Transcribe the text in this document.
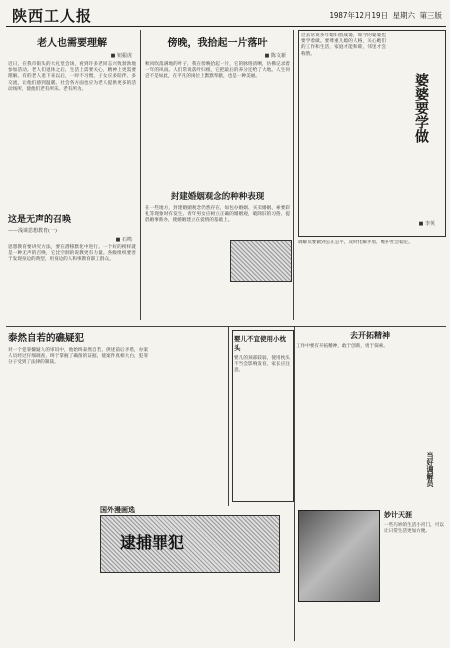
陕西工人报	1987年12月19日 星期六 第三版
老人也需要理解
■ 钮振虎
近日，在我市街头的大礼堂会场，看到许多老同志兴致勃勃地参加活动。老人们退休之后，生活上需要关心，精神上更需要理解。有的老人退下来以后，一时不习惯，子女应多陪伴、多交流，让他们感到温暖。社会各方面也应为老人提供更多的活动场所，使他们老有所乐、老有所为。
傍晚，我拾起一片落叶
■ 陈文新
秋风吹落满地的叶子，我在傍晚拾起一片，它的脉络清晰，仿佛记录着一年的风雨。人们常说落叶归根，它把最后的养分还给了大地。人生何尝不是如此，在平凡的岗位上默默奉献，也是一种美丽。
封建婚姻观念的种种表现
在一些地方，封建婚姻观念仍然存在，如包办婚姻、买卖婚姻、索要彩礼等现象时有发生。青年男女应树立正确的婚姻观，破除旧的习俗，提倡婚事新办，使婚姻建立在爱情的基础上。
这是无声的召唤
——浅谈思想教育(一)
■ 石鸣
思想教育要讲究方法，要在潜移默化中进行。一个好的榜样就是一种无声的召唤，它比空洞的说教更有力量。各级组织要善于发现身边的典型，用身边的人和事教育职工群众。
过去常说多年媳妇熬成婆，如今的婆婆也要学着做。要尊重儿媳的人格，关心她们的工作和生活，家庭才能和睦，邻里才会称赞。
婆婆要学做
■ 李英
调解员要做到公正公平，及时化解矛盾，维护社会稳定。
当好调解员
泰然自若的礁疑犯
对一个犯罪嫌疑人的审讯中，他始终泰然自若，供述前后矛盾，办案人员经过仔细调查，终于掌握了确凿的证据，使案件真相大白，犯罪分子受到了法律的制裁。
国外漫画选
逮捕罪犯
婴儿不宜使用小枕头
婴儿的颈部较弱，使用枕头不当会影响发育，家长应注意。
去开拓精神
工作中要有开拓精神，敢于创新，勇于探索。
妙计天涯
一些巧妙的生活小窍门，可以让日常生活更加方便。
